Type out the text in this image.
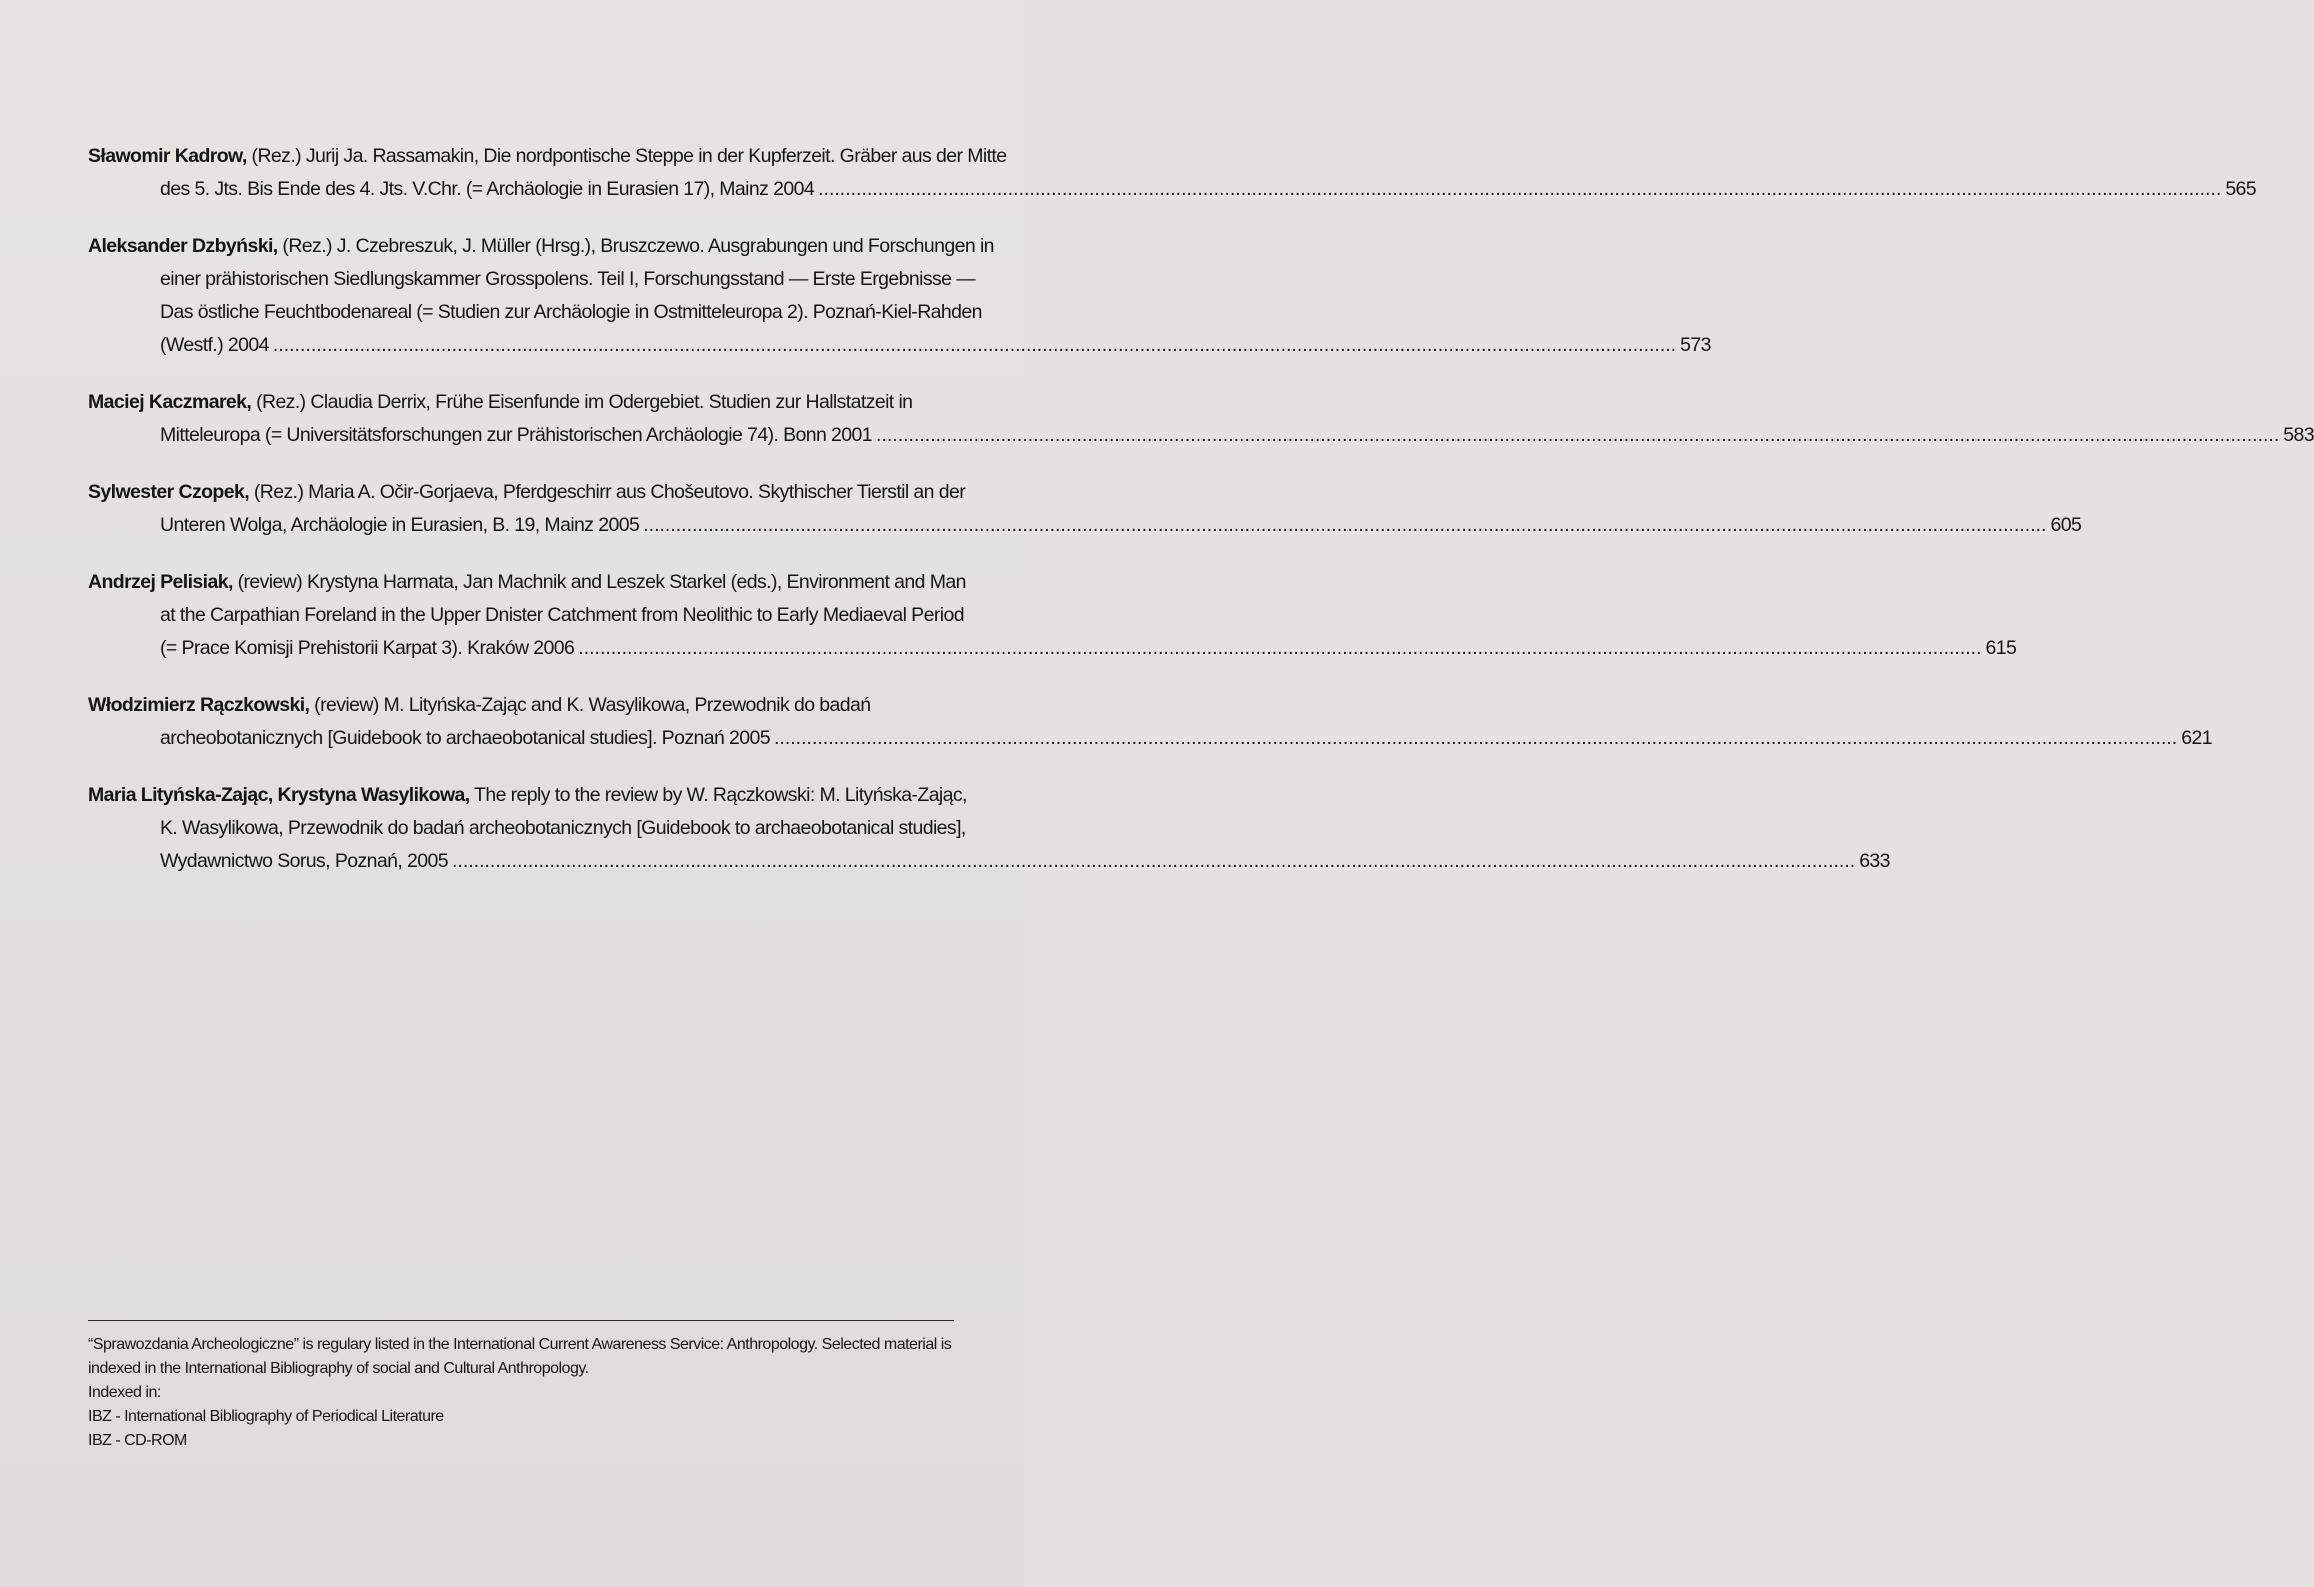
Sławomir Kadrow, (Rez.) Jurij Ja. Rassamakin, Die nordpontische Steppe in der Kupferzeit. Gräber aus der Mitte
des 5. Jts. Bis Ende des 4. Jts. V.Chr. (= Archäologie in Eurasien 17), Mainz 2004 .....	565
Aleksander Dzbyński, (Rez.) J. Czebreszuk, J. Müller (Hrsg.), Bruszczewo. Ausgrabungen und Forschungen in
einer prähistorischen Siedlungskammer Grosspolens. Teil I, Forschungsstand — Erste Ergebnisse —
Das östliche Feuchtbodenareal (= Studien zur Archäologie in Ostmitteleuropa 2). Poznań-Kiel-Rahden
(Westf.) 2004 .....	573
Maciej Kaczmarek, (Rez.) Claudia Derrix, Frühe Eisenfunde im Odergebiet. Studien zur Hallstatzeit in
Mitteleuropa (= Universitätsforschungen zur Prähistorischen Archäologie 74). Bonn 2001 .....	583
Sylwester Czopek, (Rez.) Maria A. Očir-Gorjaeva, Pferdgeschirr aus Chošeutovo. Skythischer Tierstil an der
Unteren Wolga, Archäologie in Eurasien, B. 19, Mainz 2005 .....	605
Andrzej Pelisiak, (review) Krystyna Harmata, Jan Machnik and Leszek Starkel (eds.), Environment and Man
at the Carpathian Foreland in the Upper Dnister Catchment from Neolithic to Early Mediaeval Period
(= Prace Komisji Prehistorii Karpat 3). Kraków 2006 .....	615
Włodzimierz Rączkowski, (review) M. Lityńska-Zając and K. Wasylikowa, Przewodnik do badań
archeobotanicznych [Guidebook to archaeobotanical studies]. Poznań 2005 .....	621
Maria Lityńska-Zając, Krystyna Wasylikowa, The reply to the review by W. Rączkowski: M. Lityńska-Zając,
K. Wasylikowa, Przewodnik do badań archeobotanicznych [Guidebook to archaeobotanical studies],
Wydawnictwo Sorus, Poznań, 2005 .....	633
“Sprawozdania Archeologiczne” is regulary listed in the International Current Awareness Service: Anthropology. Selected material is
indexed in the International Bibliography of social and Cultural Anthropology.
Indexed in:
IBZ - International Bibliography of Periodical Literature
IBZ - CD-ROM
